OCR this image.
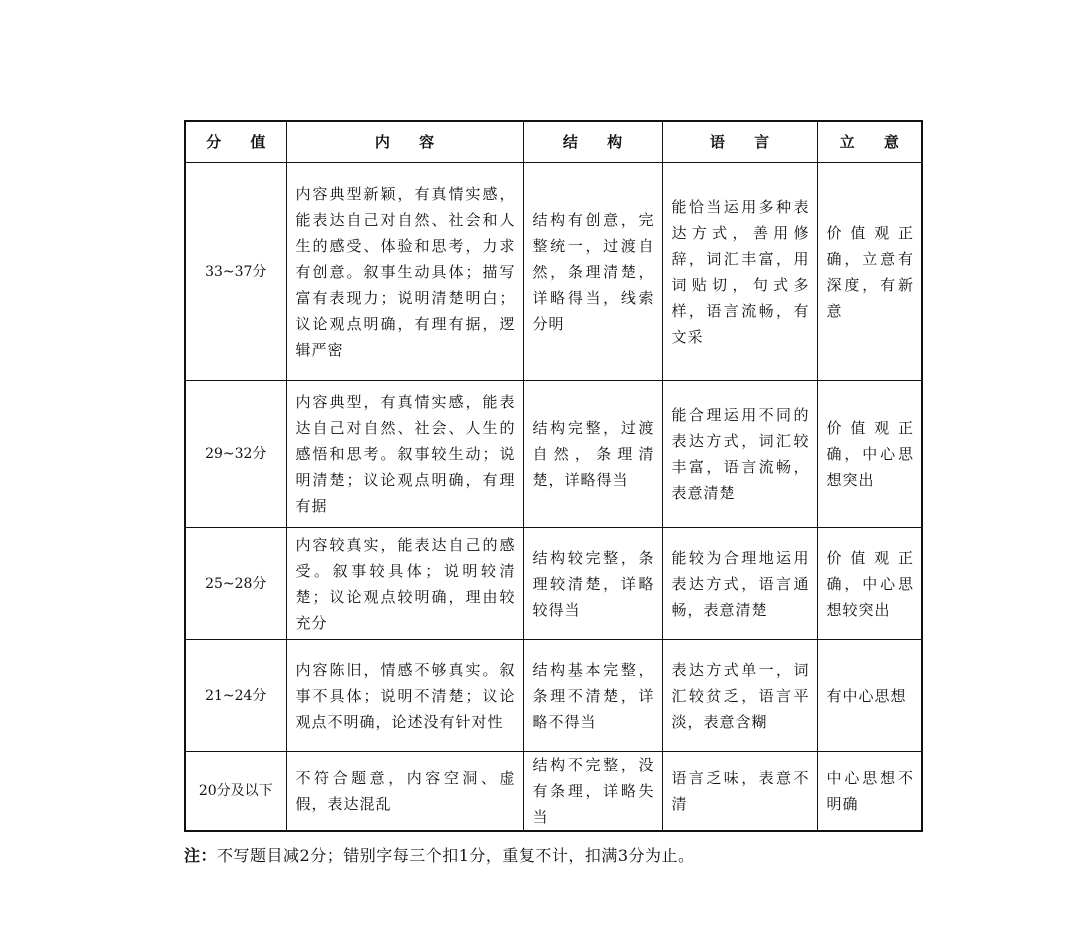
分 值	内 容	结 构	语 言	立 意
33~37分	内容典型新颖，有真情实感，能表达自己对自然、社会和人生的感受、体验和思考，力求有创意。叙事生动具体；描写富有表现力；说明清楚明白；议论观点明确，有理有据，逻辑严密	结构有创意，完整统一，过渡自然，条理清楚，详略得当，线索分明	能恰当运用多种表达方式，善用修辞，词汇丰富，用词贴切，句式多样，语言流畅，有文采	价值观正确，立意有深度，有新意

29~32分	内容典型，有真情实感，能表达自己对自然、社会、人生的感悟和思考。叙事较生动；说明清楚；议论观点明确，有理有据	结构完整，过渡自然，条理清楚，详略得当	能合理运用不同的表达方式，词汇较丰富，语言流畅，表意清楚	价值观正确，中心思想突出

25~28分	内容较真实，能表达自己的感受。叙事较具体；说明较清楚；议论观点较明确，理由较充分	结构较完整，条理较清楚，详略较得当	能较为合理地运用表达方式，语言通畅，表意清楚	价值观正确，中心思想较突出

21~24分	内容陈旧，情感不够真实。叙事不具体；说明不清楚；议论观点不明确，论述没有针对性	结构基本完整，条理不清楚，详略不得当	表达方式单一，词汇较贫乏，语言平淡，表意含糊	有中心思想

20分及以下	不符合题意，内容空洞、虚假，表达混乱	结构不完整，没有条理，详略失当	语言乏味，表意不清	中心思想不明确
注：不写题目减2分；错别字每三个扣1分，重复不计，扣满3分为止。
